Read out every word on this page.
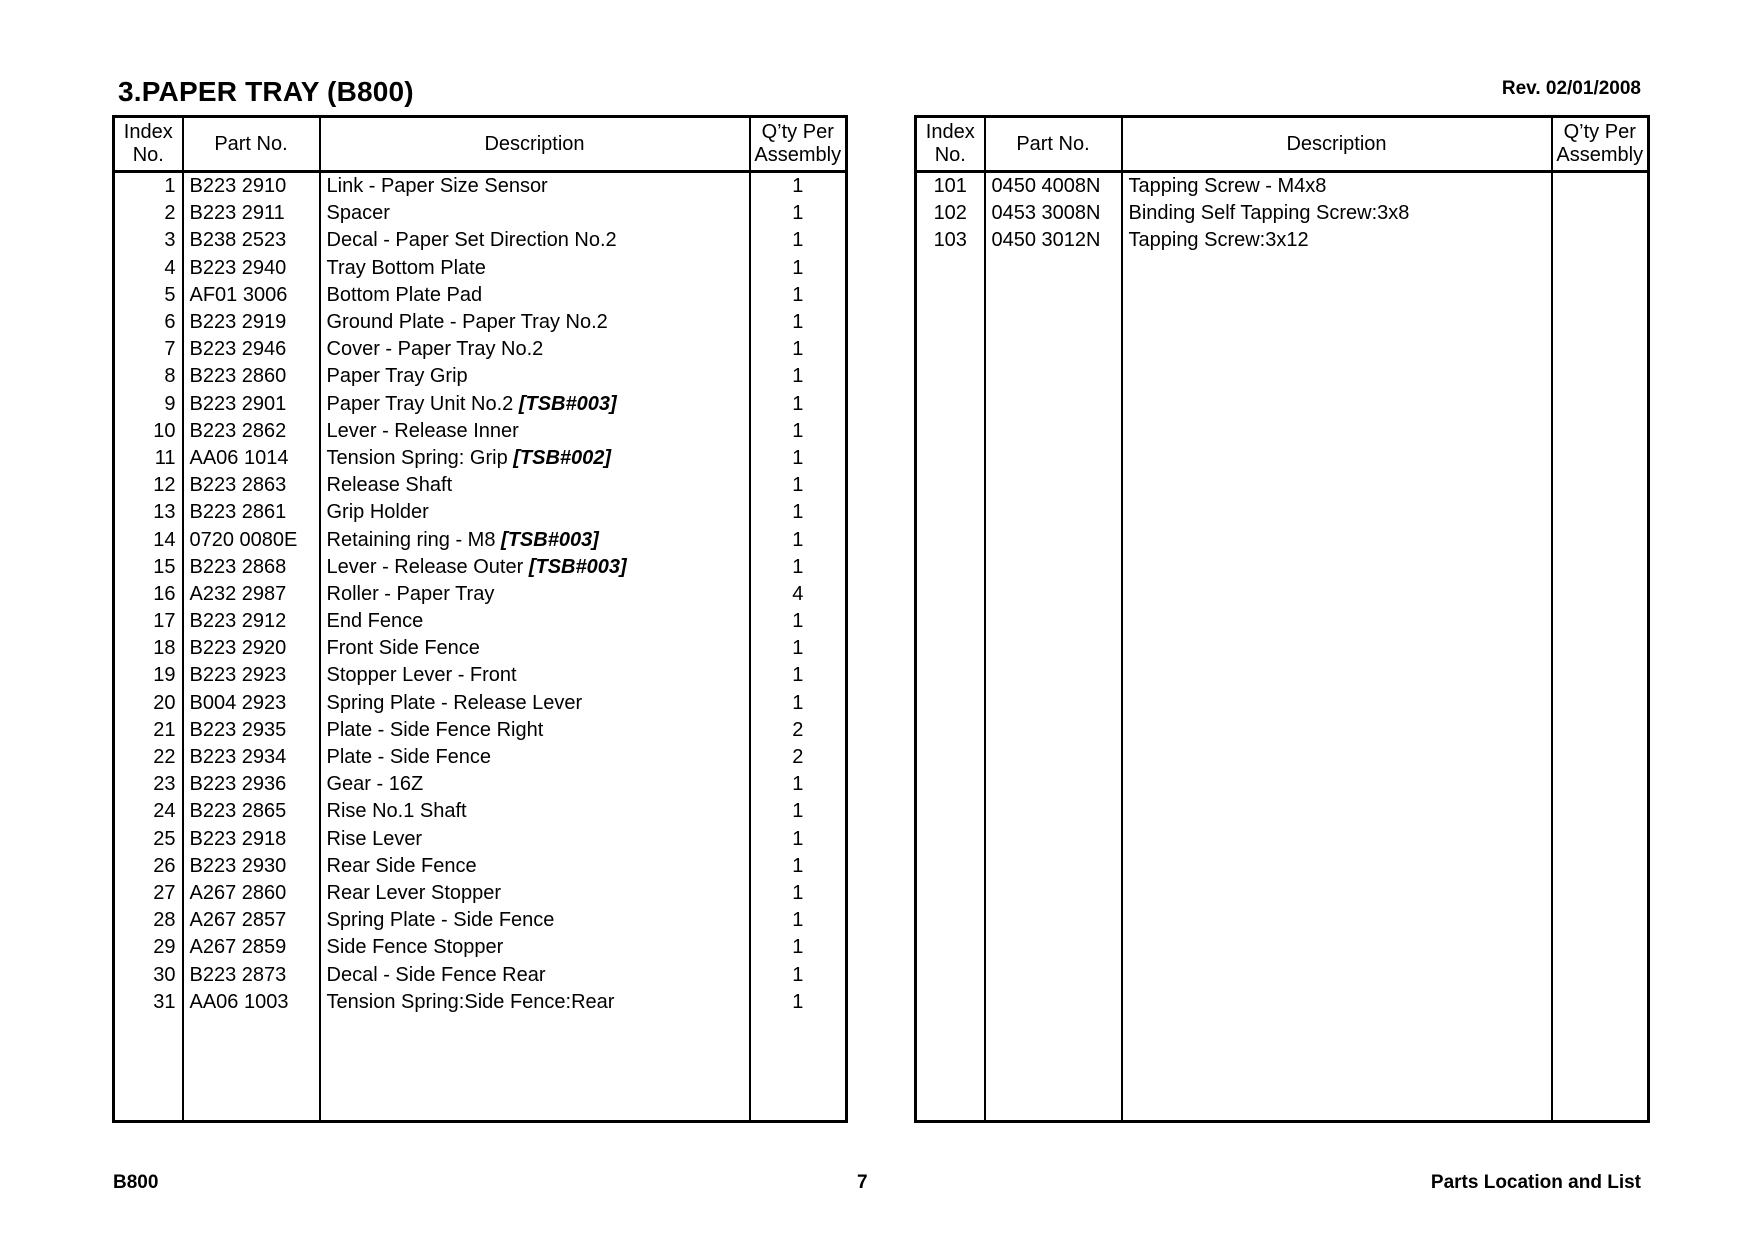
3.PAPER TRAY (B800)	Rev. 02/01/2008
Index
No.	Part No.	Description	Q’ty Per
Assembly
1	B223 2910	Link - Paper Size Sensor	1
2	B223 2911	Spacer	1
3	B238 2523	Decal - Paper Set Direction No.2	1
4	B223 2940	Tray Bottom Plate	1
5	AF01 3006	Bottom Plate Pad	1
6	B223 2919	Ground Plate - Paper Tray No.2	1
7	B223 2946	Cover - Paper Tray No.2	1
8	B223 2860	Paper Tray Grip	1
9	B223 2901	Paper Tray Unit No.2 [TSB#003]	1
10	B223 2862	Lever - Release Inner	1
11	AA06 1014	Tension Spring: Grip [TSB#002]	1
12	B223 2863	Release Shaft	1
13	B223 2861	Grip Holder	1
14	0720 0080E	Retaining ring - M8 [TSB#003]	1
15	B223 2868	Lever - Release Outer [TSB#003]	1
16	A232 2987	Roller - Paper Tray	4
17	B223 2912	End Fence	1
18	B223 2920	Front Side Fence	1
19	B223 2923	Stopper Lever - Front	1
20	B004 2923	Spring Plate - Release Lever	1
21	B223 2935	Plate - Side Fence Right	2
22	B223 2934	Plate - Side Fence	2
23	B223 2936	Gear - 16Z	1
24	B223 2865	Rise No.1 Shaft	1
25	B223 2918	Rise Lever	1
26	B223 2930	Rear Side Fence	1
27	A267 2860	Rear Lever Stopper	1
28	A267 2857	Spring Plate - Side Fence	1
29	A267 2859	Side Fence Stopper	1
30	B223 2873	Decal - Side Fence Rear	1
31	AA06 1003	Tension Spring:Side Fence:Rear	1

Index
No.	Part No.	Description	Q’ty Per
Assembly
101	0450 4008N	Tapping Screw - M4x8	
102	0453 3008N	Binding Self Tapping Screw:3x8	
103	0450 3012N	Tapping Screw:3x12	

B800	7	Parts Location and List
